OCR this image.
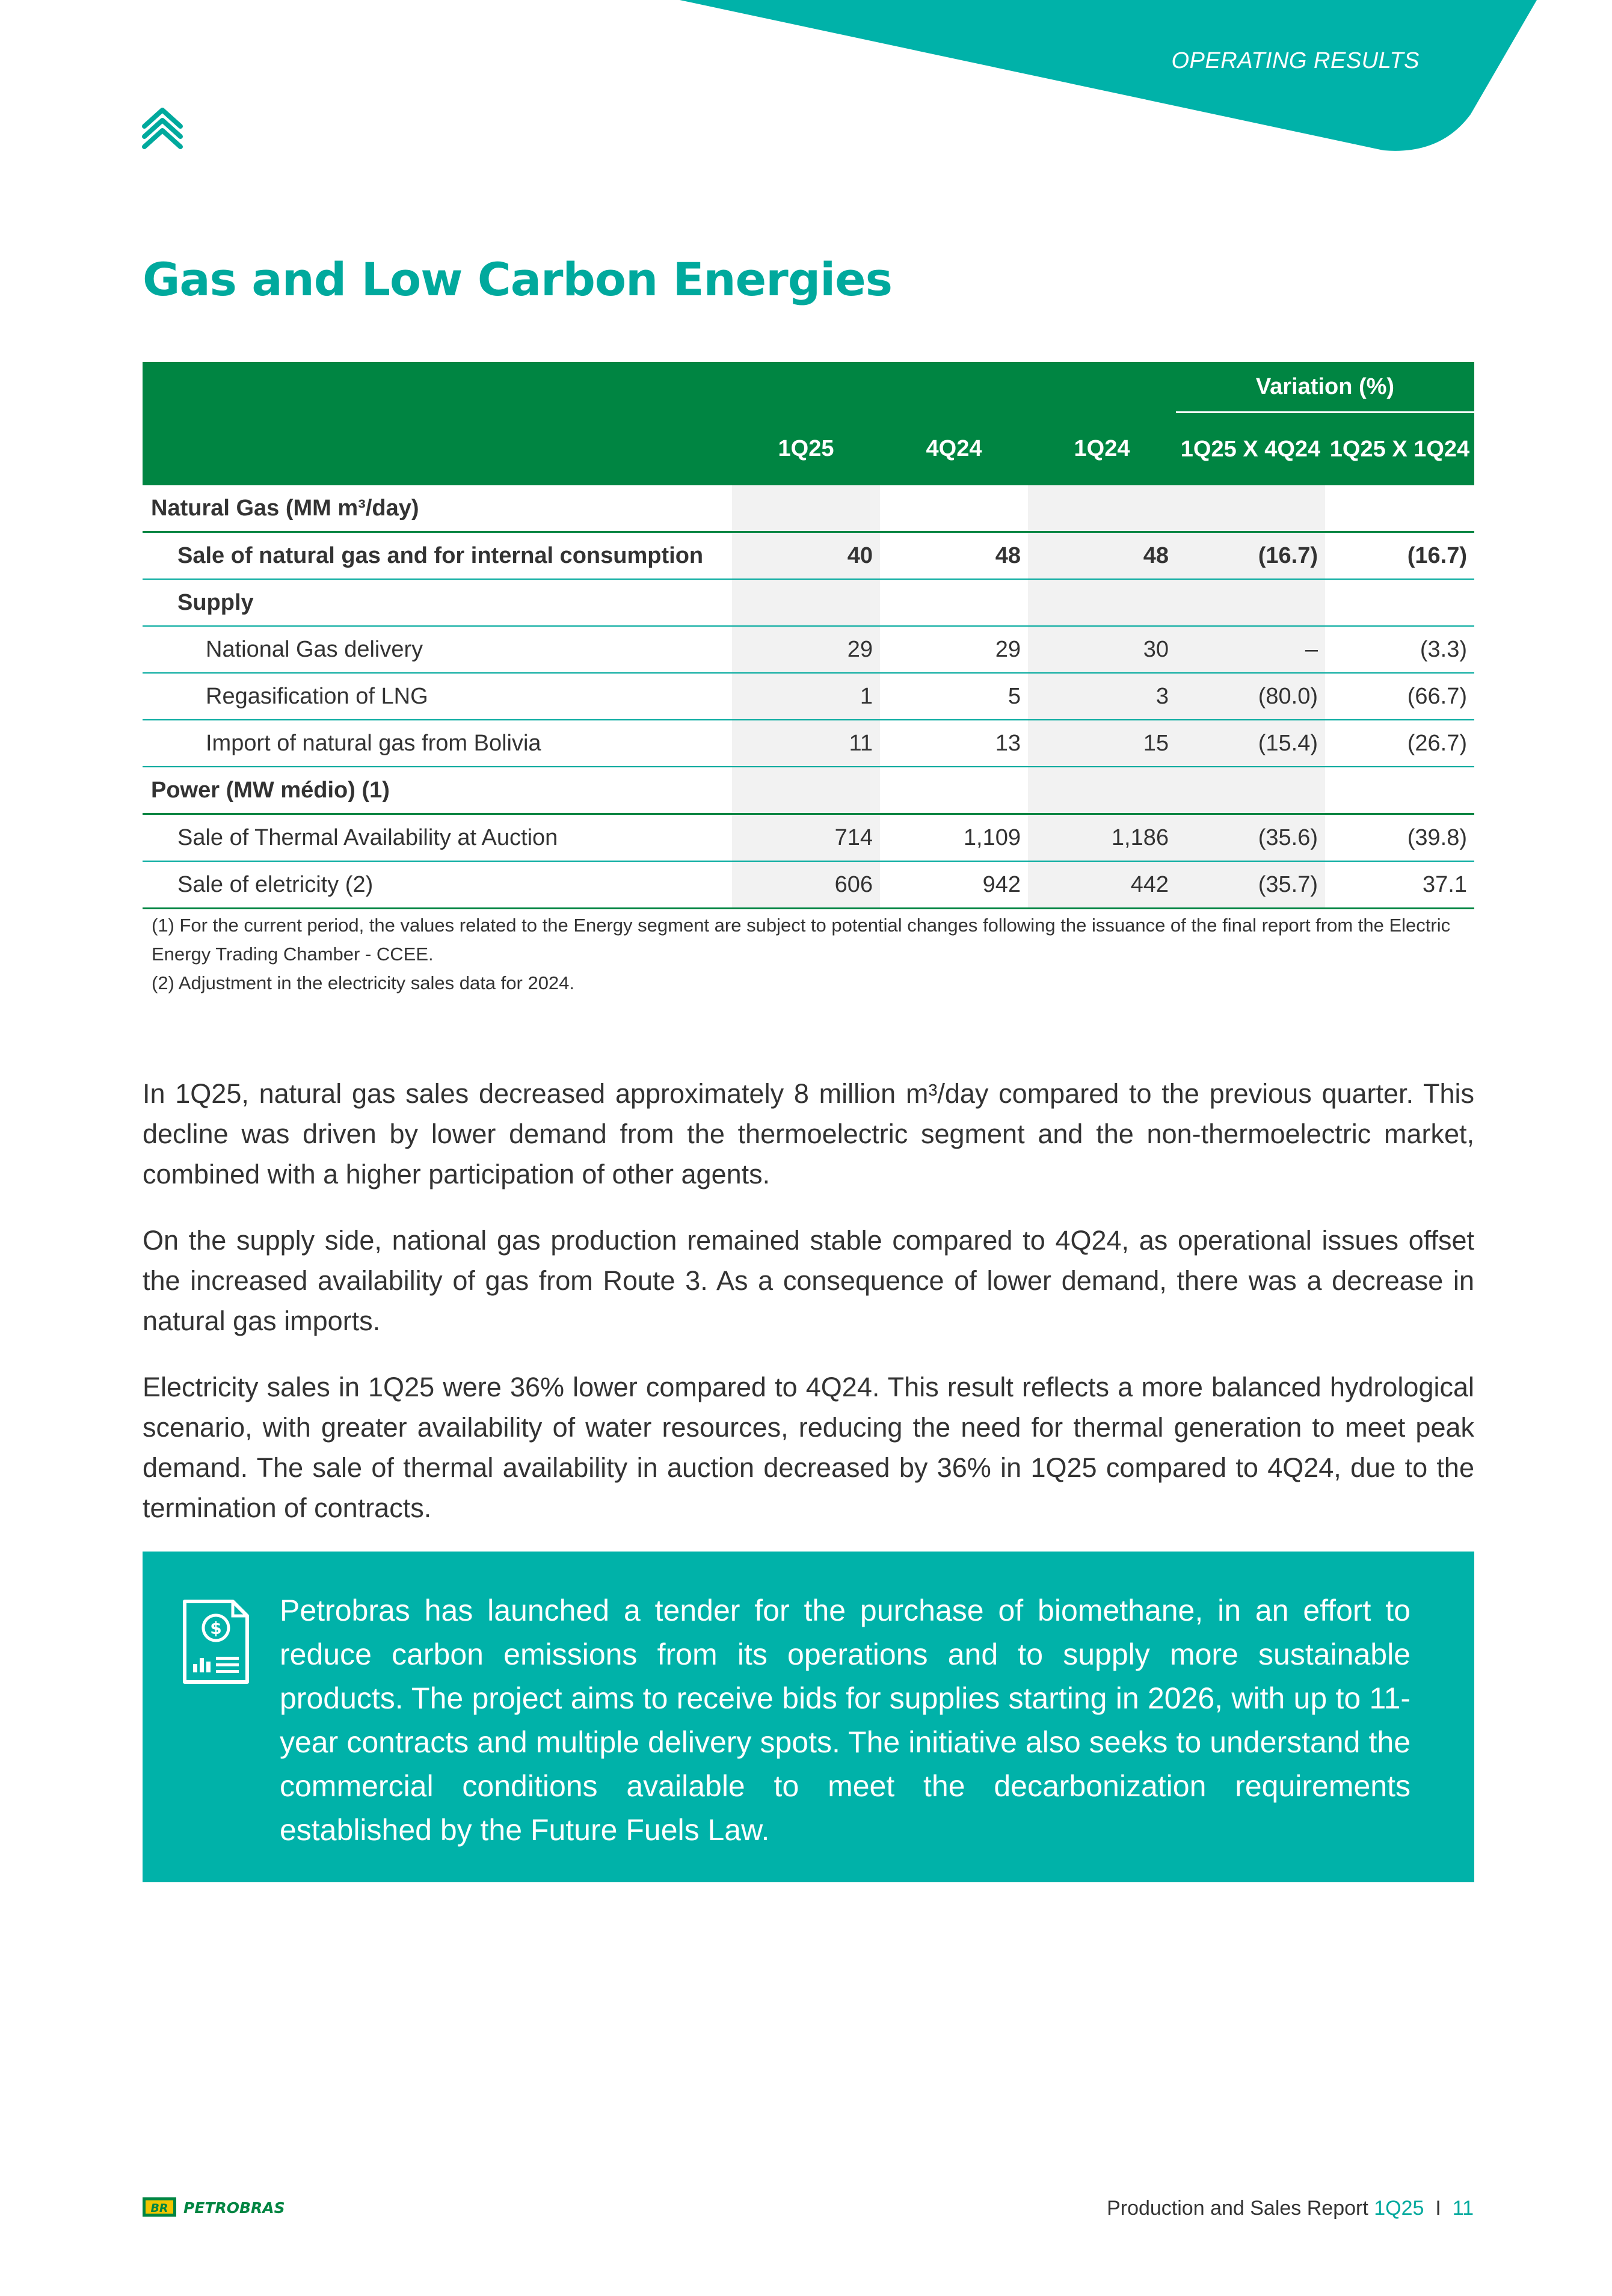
OPERATING RESULTS
Gas and Low Carbon Energies
				Variation (%)	
	1Q25	4Q24	1Q24	1Q25 X 4Q24	1Q25 X 1Q24
Natural Gas (MM m³/day)					
Sale of natural gas and for internal consumption	40	48	48	(16.7)	(16.7)
Supply					
National Gas delivery	29	29	30	–	(3.3)
Regasification of LNG	1	5	3	(80.0)	(66.7)
Import of natural gas from Bolivia	11	13	15	(15.4)	(26.7)
Power (MW médio) (1)					
Sale of Thermal Availability at Auction	714	1,109	1,186	(35.6)	(39.8)
Sale of eletricity (2)	606	942	442	(35.7)	37.1
(1) For the current period, the values related to the Energy segment are subject to potential changes following the issuance of the final report from the Electric Energy Trading Chamber - CCEE.
(2) Adjustment in the electricity sales data for 2024.

In 1Q25, natural gas sales decreased approximately 8 million m³/day compared to the previous quarter. This decline was driven by lower demand from the thermoelectric segment and the non-thermoelectric market, combined with a higher participation of other agents.

On the supply side, national gas production remained stable compared to 4Q24, as operational issues offset the increased availability of gas from Route 3. As a consequence of lower demand, there was a decrease in natural gas imports.

Electricity sales in 1Q25 were 36% lower compared to 4Q24. This result reflects a more balanced hydrological scenario, with greater availability of water resources, reducing the need for thermal generation to meet peak demand. The sale of thermal availability in auction decreased by 36% in 1Q25 compared to 4Q24, due to the termination of contracts.

$
Petrobras has launched a tender for the purchase of biomethane, in an effort to reduce carbon emissions from its operations and to supply more sustainable products. The project aims to receive bids for supplies starting in 2026, with up to 11-year contracts and multiple delivery spots. The initiative also seeks to understand the commercial conditions available to meet the decarbonization requirements established by the Future Fuels Law.
BR PETROBRAS	Production and Sales Report 1Q25 I 11
